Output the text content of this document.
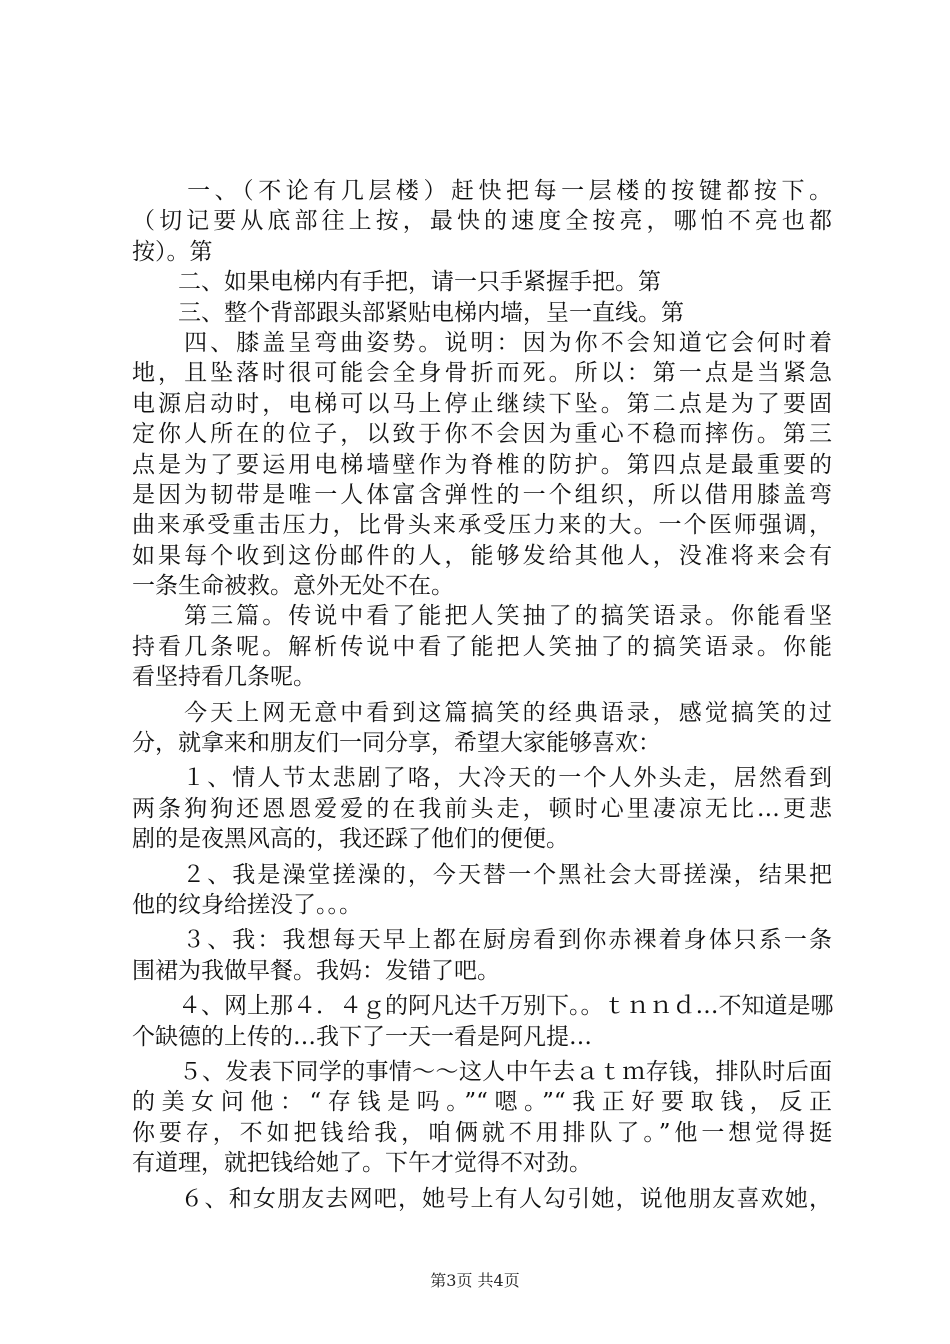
　　一、（不论有几层楼）赶快把每一层楼的按键都按下。
（切记要从底部往上按，最快的速度全按亮，哪怕不亮也都
按）。第
　　二、如果电梯内有手把，请一只手紧握手把。第
　　三、整个背部跟头部紧贴电梯内墙，呈一直线。第
　　四、膝盖呈弯曲姿势。说明：因为你不会知道它会何时着
地，且坠落时很可能会全身骨折而死。所以：第一点是当紧急
电源启动时，电梯可以马上停止继续下坠。第二点是为了要固
定你人所在的位子，以致于你不会因为重心不稳而摔伤。第三
点是为了要运用电梯墙壁作为脊椎的防护。第四点是最重要的
是因为韧带是唯一人体富含弹性的一个组织，所以借用膝盖弯
曲来承受重击压力，比骨头来承受压力来的大。一个医师强调，
如果每个收到这份邮件的人，能够发给其他人，没准将来会有
一条生命被救。意外无处不在。
　　第三篇。传说中看了能把人笑抽了的搞笑语录。你能看坚
持看几条呢。解析传说中看了能把人笑抽了的搞笑语录。你能
看坚持看几条呢。
　　今天上网无意中看到这篇搞笑的经典语录，感觉搞笑的过
分，就拿来和朋友们一同分享，希望大家能够喜欢：
　　１、情人节太悲剧了咯，大冷天的一个人外头走，居然看到
两条狗狗还恩恩爱爱的在我前头走，顿时心里凄凉无比…更悲
剧的是夜黑风高的，我还踩了他们的便便。
　　２、我是澡堂搓澡的，今天替一个黑社会大哥搓澡，结果把
他的纹身给搓没了。。。
　　３、我：我想每天早上都在厨房看到你赤裸着身体只系一条
围裙为我做早餐。我妈：发错了吧。
　　４、网上那４．４ｇ的阿凡达千万别下。。ｔｎｎｄ…不知道是哪
个缺德的上传的…我下了一天一看是阿凡提…
　　５、发表下同学的事情～～这人中午去ａｔｍ存钱，排队时后面
的美女问他：“存钱是吗。”“嗯。”“我正好要取钱，反正
你要存，不如把钱给我，咱俩就不用排队了。”他一想觉得挺
有道理，就把钱给她了。下午才觉得不对劲。
　　６、和女朋友去网吧，她号上有人勾引她，说他朋友喜欢她，
第3页 共4页
